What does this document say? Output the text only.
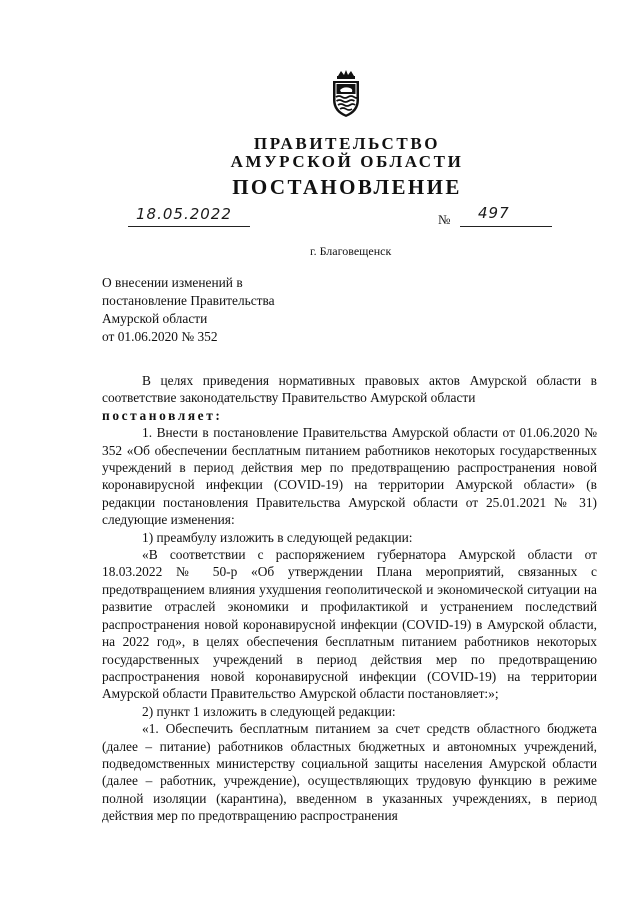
ПРАВИТЕЛЬСТВО
АМУРСКОЙ ОБЛАСТИ
ПОСТАНОВЛЕНИЕ
18.05.2022	№ 497
г. Благовещенск
О внесении изменений в
постановление Правительства
Амурской области
от 01.06.2020 № 352

В целях приведения нормативных правовых актов Амурской области в соответствие законодательству Правительство Амурской области

постановляет:

1. Внести в постановление Правительства Амурской области от 01.06.2020 № 352 «Об обеспечении бесплатным питанием работников некоторых государственных учреждений в период действия мер по предотвращению распространения новой коронавирусной инфекции (COVID-19) на территории Амурской области» (в редакции постановления Правительства Амурской области от 25.01.2021 № 31) следующие изменения:

1) преамбулу изложить в следующей редакции:

«В соответствии с распоряжением губернатора Амурской области от 18.03.2022 № 50-р «Об утверждении Плана мероприятий, связанных с предотвращением влияния ухудшения геополитической и экономической ситуации на развитие отраслей экономики и профилактикой и устранением последствий распространения новой коронавирусной инфекции (COVID-19) в Амурской области, на 2022 год», в целях обеспечения бесплатным питанием работников некоторых государственных учреждений в период действия мер по предотвращению распространения новой коронавирусной инфекции (COVID-19) на территории Амурской области Правительство Амурской области постановляет:»;

2) пункт 1 изложить в следующей редакции:

«1. Обеспечить бесплатным питанием за счет средств областного бюджета (далее – питание) работников областных бюджетных и автономных учреждений, подведомственных министерству социальной защиты населения Амурской области (далее – работник, учреждение), осуществляющих трудовую функцию в режиме полной изоляции (карантина), введенном в указанных учреждениях, в период действия мер по предотвращению распространения
